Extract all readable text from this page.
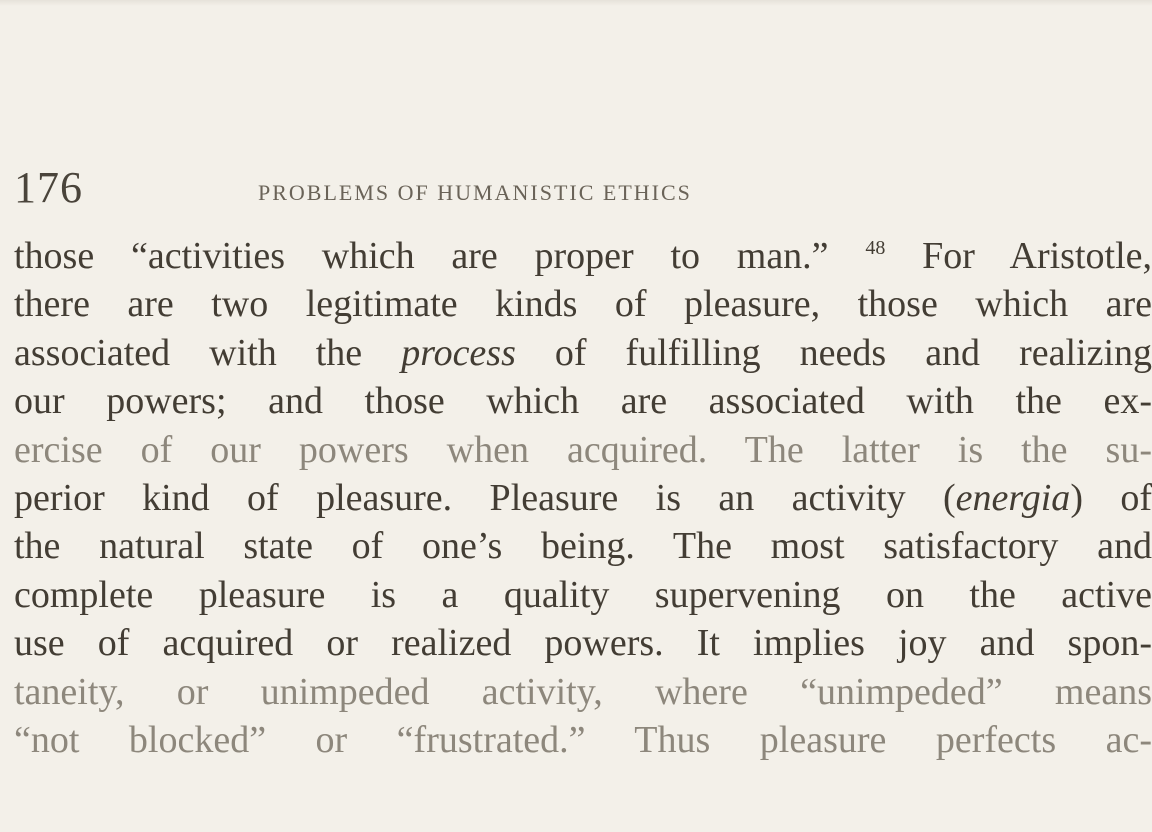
176	PROBLEMS OF HUMANISTIC ETHICS
those “activities which are proper to man.” $^{48}$ For Aristotle,
there are two legitimate kinds of pleasure, those which are
associated with the process of fulfilling needs and realizing
our powers; and those which are associated with the ex-
ercise of our powers when acquired. The latter is the su-
perior kind of pleasure. Pleasure is an activity (energia) of
the natural state of one’s being. The most satisfactory and
complete pleasure is a quality supervening on the active
use of acquired or realized powers. It implies joy and spon-
taneity, or unimpeded activity, where “unimpeded” means
“not blocked” or “frustrated.” Thus pleasure perfects ac-
